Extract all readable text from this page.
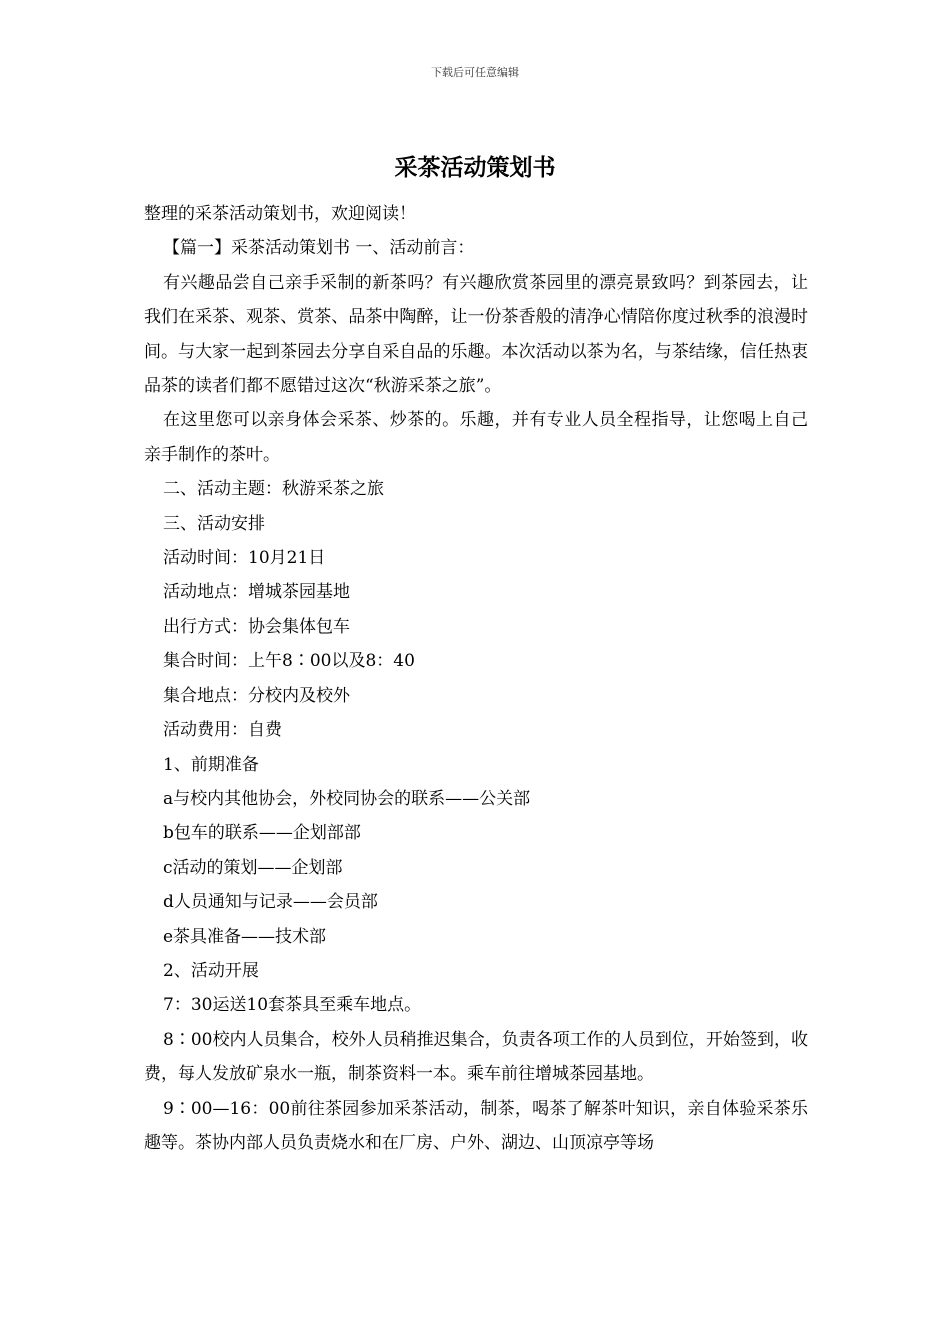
下载后可任意编辑
采茶活动策划书

整理的采茶活动策划书，欢迎阅读！

【篇一】采茶活动策划书 一、活动前言：

有兴趣品尝自己亲手采制的新茶吗？有兴趣欣赏茶园里的漂亮景致吗？到茶园去，让我们在采茶、观茶、赏茶、品茶中陶醉，让一份茶香般的清净心情陪你度过秋季的浪漫时间。与大家一起到茶园去分享自采自品的乐趣。本次活动以茶为名，与茶结缘，信任热衷品茶的读者们都不愿错过这次“秋游采茶之旅”。

在这里您可以亲身体会采茶、炒茶的。乐趣，并有专业人员全程指导，让您喝上自己亲手制作的茶叶。

二、活动主题：秋游采茶之旅

三、活动安排

活动时间：10月21日

活动地点：增城茶园基地

出行方式：协会集体包车

集合时间：上午8∶00以及8：40

集合地点：分校内及校外

活动费用：自费

1、前期准备

a与校内其他协会，外校同协会的联系——公关部

b包车的联系——企划部部

c活动的策划——企划部

d人员通知与记录——会员部

e茶具准备——技术部

2、活动开展

7：30运送10套茶具至乘车地点。

8∶00校内人员集合，校外人员稍推迟集合，负责各项工作的人员到位，开始签到，收费，每人发放矿泉水一瓶，制茶资料一本。乘车前往增城茶园基地。

9∶00—16：00前往茶园参加采茶活动，制茶，喝茶了解茶叶知识，亲自体验采茶乐趣等。茶协内部人员负责烧水和在厂房、户外、湖边、山顶凉亭等场
